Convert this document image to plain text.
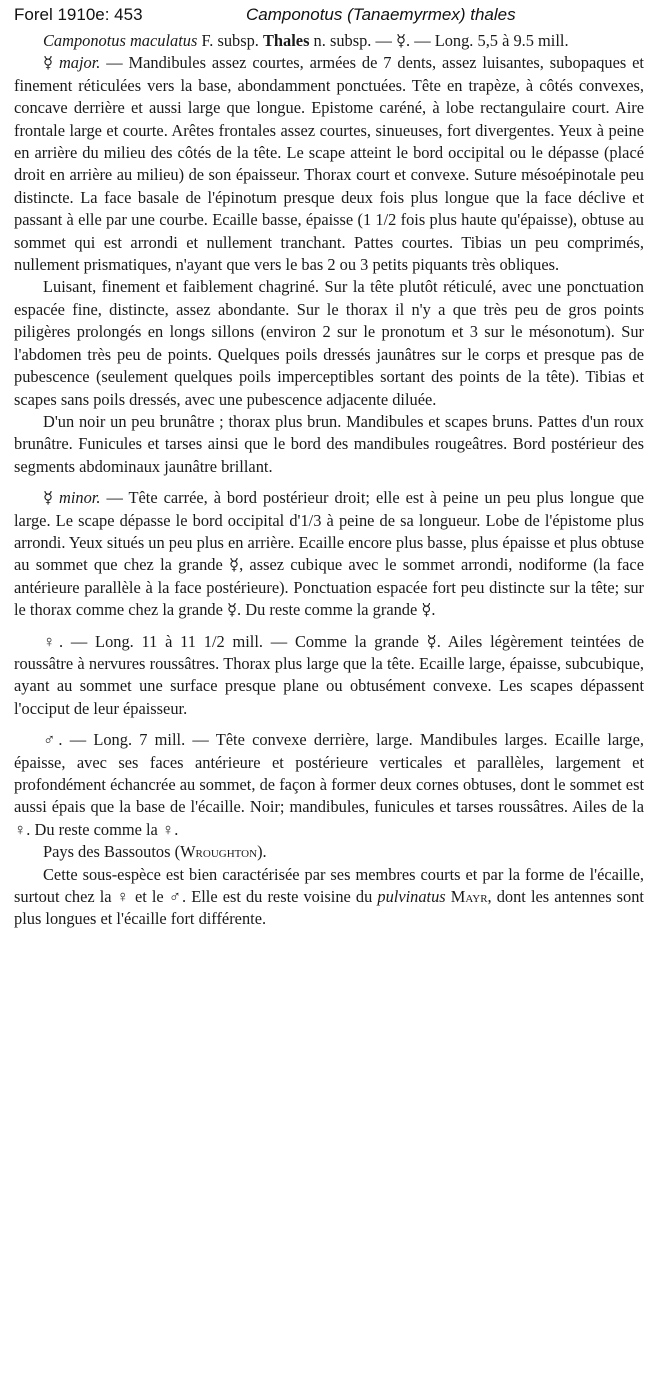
Forel 1910e: 453	Camponotus (Tanaemyrmex) thales

Camponotus maculatus F. subsp. Thales n. subsp. — ☿. — Long. 5,5 à 9.5 mill.

☿ major. — Mandibules assez courtes, armées de 7 dents, assez luisantes, subopaques et finement réticulées vers la base, abondamment ponctuées. Tête en trapèze, à côtés convexes, concave derrière et aussi large que longue. Epistome caréné, à lobe rectangulaire court. Aire frontale large et courte. Arêtes frontales assez courtes, sinueuses, fort divergentes. Yeux à peine en arrière du milieu des côtés de la tête. Le scape atteint le bord occipital ou le dépasse (placé droit en arrière au milieu) de son épaisseur. Thorax court et convexe. Suture mésoépinotale peu distincte. La face basale de l'épinotum presque deux fois plus longue que la face déclive et passant à elle par une courbe. Ecaille basse, épaisse (1 1/2 fois plus haute qu'épaisse), obtuse au sommet qui est arrondi et nullement tranchant. Pattes courtes. Tibias un peu comprimés, nullement prismatiques, n'ayant que vers le bas 2 ou 3 petits piquants très obliques.

Luisant, finement et faiblement chagriné. Sur la tête plutôt réticulé, avec une ponctuation espacée fine, distincte, assez abondante. Sur le thorax il n'y a que très peu de gros points piligères prolongés en longs sillons (environ 2 sur le pronotum et 3 sur le mésonotum). Sur l'abdomen très peu de points. Quelques poils dressés jaunâtres sur le corps et presque pas de pubescence (seulement quelques poils imperceptibles sortant des points de la tête). Tibias et scapes sans poils dressés, avec une pubescence adjacente diluée.

D'un noir un peu brunâtre ; thorax plus brun. Mandibules et scapes bruns. Pattes d'un roux brunâtre. Funicules et tarses ainsi que le bord des mandibules rougeâtres. Bord postérieur des segments abdominaux jaunâtre brillant.

☿ minor. — Tête carrée, à bord postérieur droit; elle est à peine un peu plus longue que large. Le scape dépasse le bord occipital d'1/3 à peine de sa longueur. Lobe de l'épistome plus arrondi. Yeux situés un peu plus en arrière. Ecaille encore plus basse, plus épaisse et plus obtuse au sommet que chez la grande ☿, assez cubique avec le sommet arrondi, nodiforme (la face antérieure parallèle à la face postérieure). Ponctuation espacée fort peu distincte sur la tête; sur le thorax comme chez la grande ☿. Du reste comme la grande ☿.

♀. — Long. 11 à 11 1/2 mill. — Comme la grande ☿. Ailes légèrement teintées de roussâtre à nervures roussâtres. Thorax plus large que la tête. Ecaille large, épaisse, subcubique, ayant au sommet une surface presque plane ou obtusément convexe. Les scapes dépassent l'occiput de leur épaisseur.

♂. — Long. 7 mill. — Tête convexe derrière, large. Mandibules larges. Ecaille large, épaisse, avec ses faces antérieure et postérieure verticales et parallèles, largement et profondément échancrée au sommet, de façon à former deux cornes obtuses, dont le sommet est aussi épais que la base de l'écaille. Noir; mandibules, funicules et tarses roussâtres. Ailes de la ♀. Du reste comme la ♀.

Pays des Bassoutos (Wroughton).

Cette sous-espèce est bien caractérisée par ses membres courts et par la forme de l'écaille, surtout chez la ♀ et le ♂. Elle est du reste voisine du pulvinatus Mayr, dont les antennes sont plus longues et l'écaille fort différente.
